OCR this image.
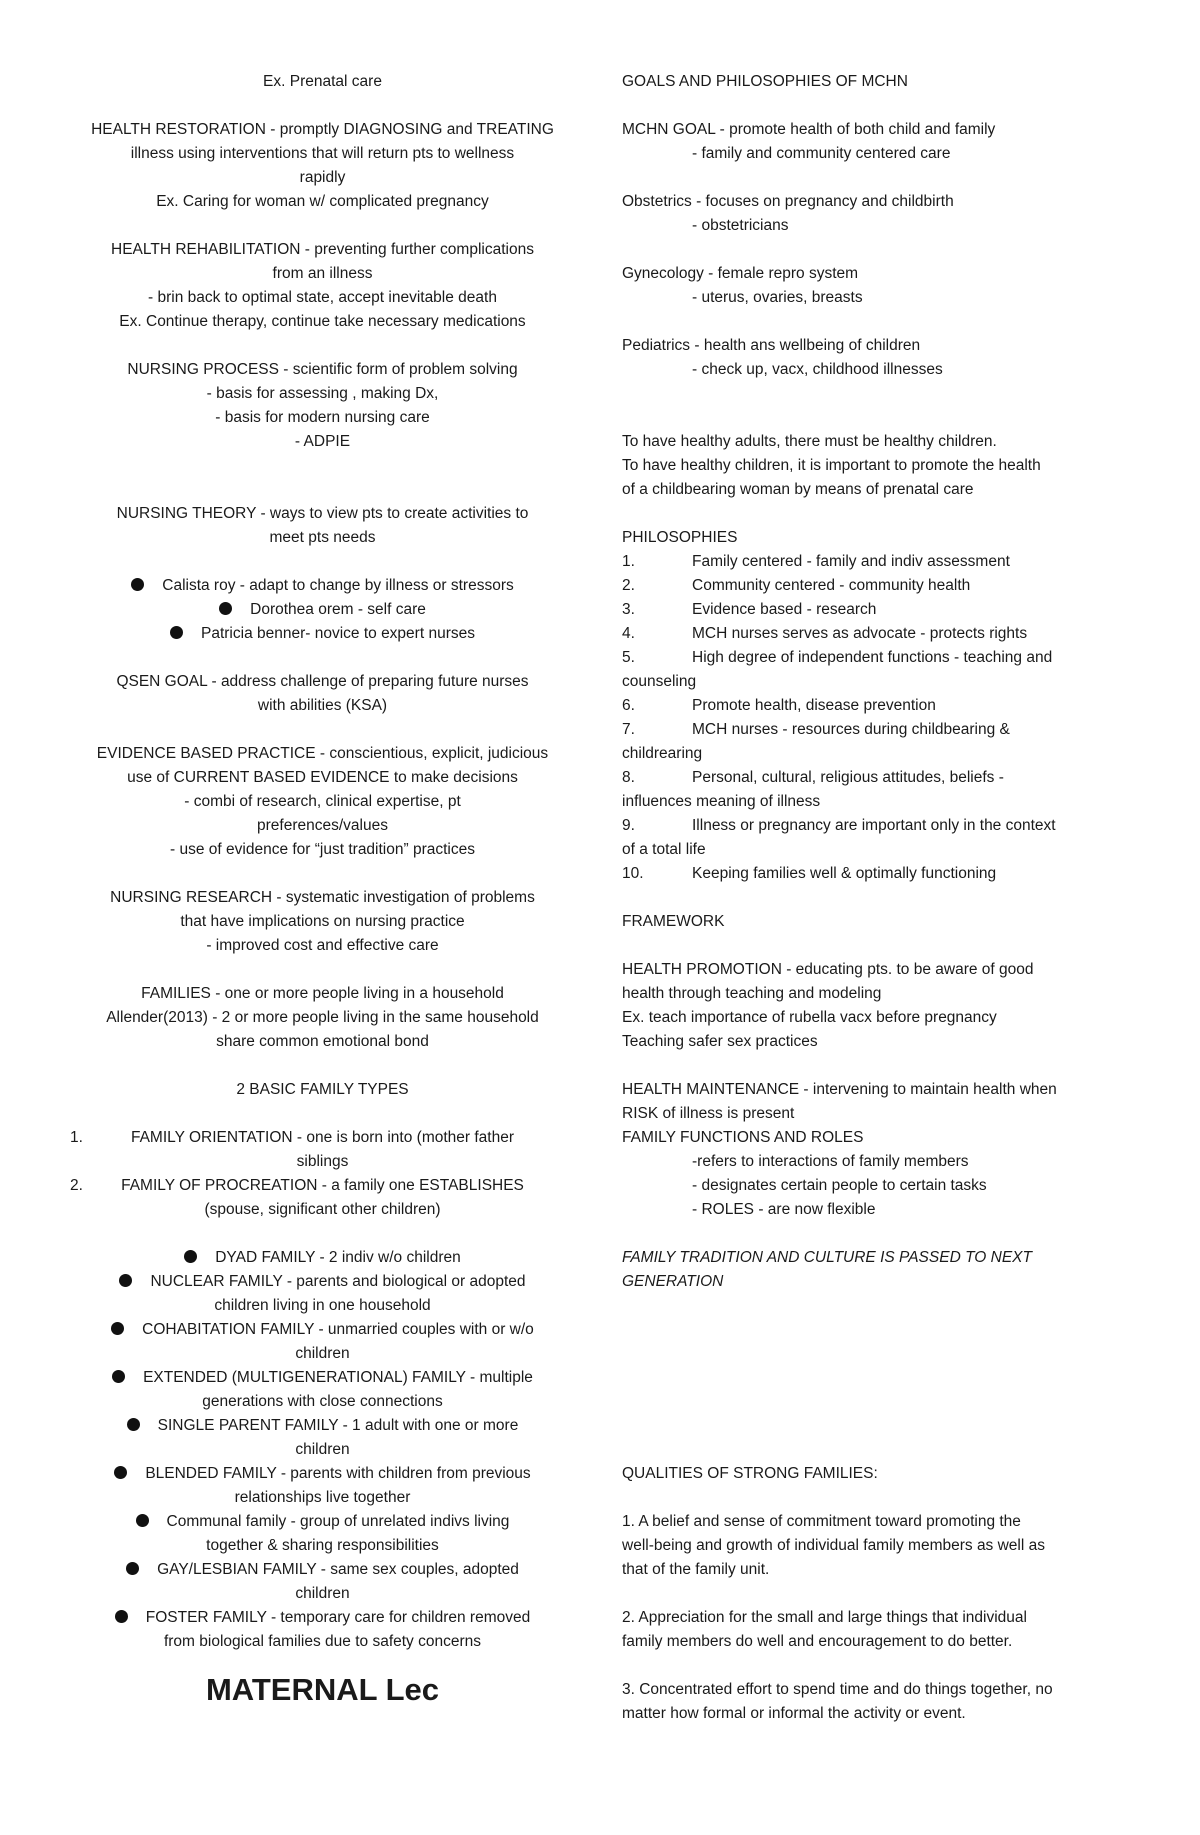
Ex. Prenatal care
HEALTH RESTORATION - promptly DIAGNOSING and TREATING
illness using interventions that will return pts to wellness
rapidly
Ex. Caring for woman w/ complicated pregnancy
HEALTH REHABILITATION - preventing further complications
from an illness
- brin back to optimal state, accept inevitable death
Ex. Continue therapy, continue take necessary medications
NURSING PROCESS - scientific form of problem solving
- basis for assessing , making Dx,
- basis for modern nursing care
- ADPIE
NURSING THEORY - ways to view pts to create activities to
meet pts needs
Calista roy - adapt to change by illness or stressors
Dorothea orem - self care
Patricia benner- novice to expert nurses
QSEN GOAL - address challenge of preparing future nurses
with abilities (KSA)
EVIDENCE BASED PRACTICE - conscientious, explicit, judicious
use of CURRENT BASED EVIDENCE to make decisions
- combi of research, clinical expertise, pt
preferences/values
- use of evidence for “just tradition” practices
NURSING RESEARCH - systematic investigation of problems
that have implications on nursing practice
- improved cost and effective care
FAMILIES - one or more people living in a household
Allender(2013) - 2 or more people living in the same household
share common emotional bond
2 BASIC FAMILY TYPES
1.	FAMILY ORIENTATION - one is born into (mother father
siblings
2. FAMILY OF PROCREATION - a family one ESTABLISHES
(spouse, significant other children)
DYAD FAMILY - 2 indiv w/o children
NUCLEAR FAMILY - parents and biological or adopted
children living in one household
COHABITATION FAMILY - unmarried couples with or w/o
children
EXTENDED (MULTIGENERATIONAL) FAMILY - multiple
generations with close connections
SINGLE PARENT FAMILY - 1 adult with one or more
children
BLENDED FAMILY - parents with children from previous
relationships live together
Communal family - group of unrelated indivs living
together & sharing responsibilities
GAY/LESBIAN FAMILY - same sex couples, adopted
children
FOSTER FAMILY - temporary care for children removed
from biological families due to safety concerns
MATERNAL Lec
GOALS AND PHILOSOPHIES OF MCHN
MCHN GOAL - promote health of both child and family
- family and community centered care
Obstetrics - focuses on pregnancy and childbirth
- obstetricians
Gynecology - female repro system
- uterus, ovaries, breasts
Pediatrics - health ans wellbeing of children
- check up, vacx, childhood illnesses
To have healthy adults, there must be healthy children.
To have healthy children, it is important to promote the health
of a childbearing woman by means of prenatal care
PHILOSOPHIES
1.	Family centered - family and indiv assessment
2.	Community centered - community health
3.	Evidence based - research
4.	MCH nurses serves as advocate - protects rights
5.	High degree of independent functions - teaching and
counseling
6.	Promote health, disease prevention
7.	MCH nurses - resources during childbearing &
childrearing
8.	Personal, cultural, religious attitudes, beliefs -
influences meaning of illness
9.	Illness or pregnancy are important only in the context
of a total life
10.	Keeping families well & optimally functioning
FRAMEWORK
HEALTH PROMOTION - educating pts. to be aware of good
health through teaching and modeling
Ex. teach importance of rubella vacx before pregnancy
Teaching safer sex practices
HEALTH MAINTENANCE - intervening to maintain health when
RISK of illness is present
FAMILY FUNCTIONS AND ROLES
-refers to interactions of family members
- designates certain people to certain tasks
- ROLES - are now flexible
FAMILY TRADITION AND CULTURE IS PASSED TO NEXT
GENERATION
QUALITIES OF STRONG FAMILIES:
1. A belief and sense of commitment toward promoting the
well-being and growth of individual family members as well as
that of the family unit.
2. Appreciation for the small and large things that individual
family members do well and encouragement to do better.
3. Concentrated effort to spend time and do things together, no
matter how formal or informal the activity or event.
